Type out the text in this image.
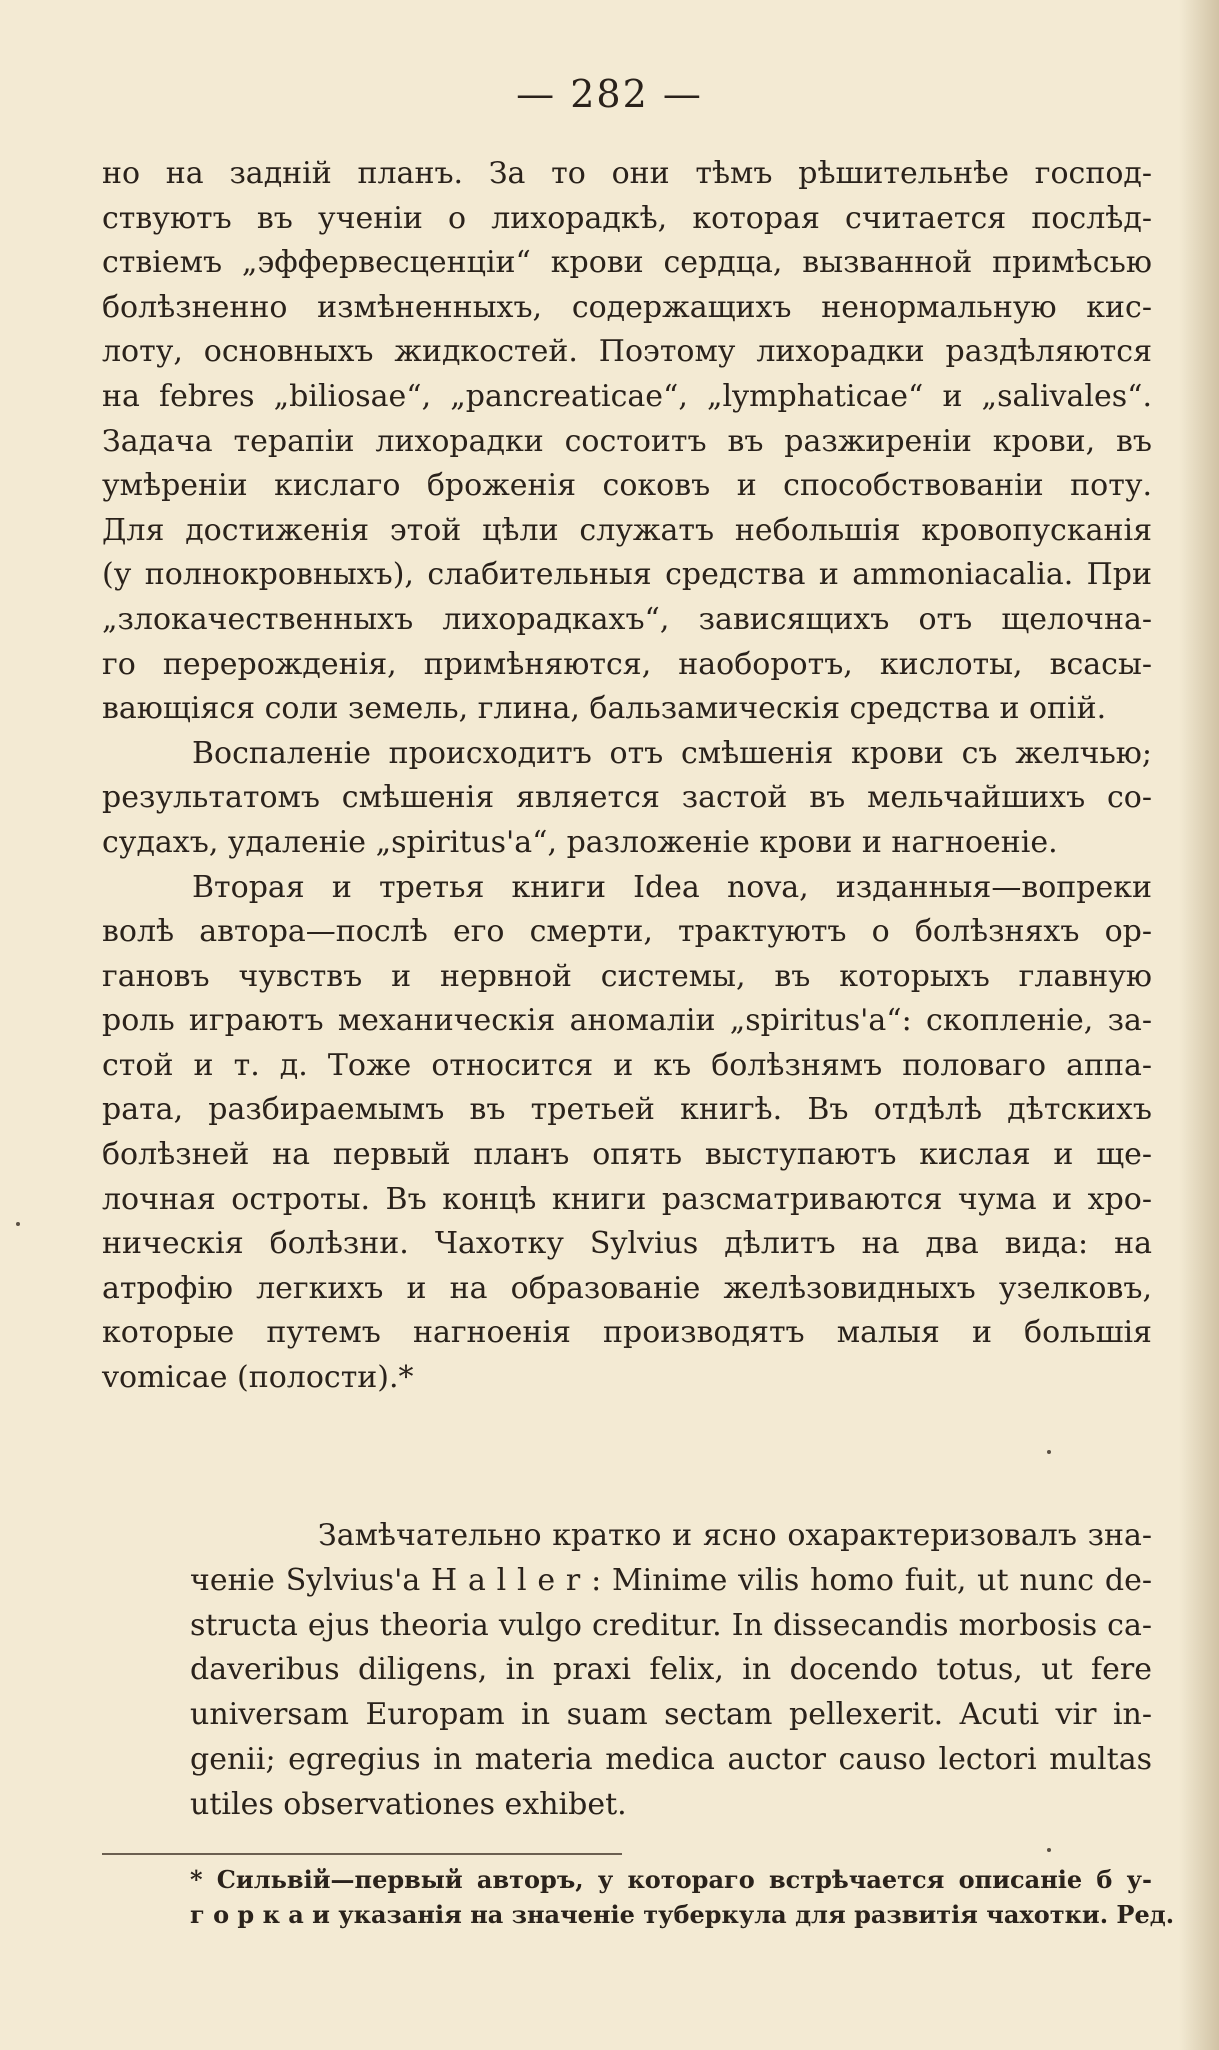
— 282 —
но на заднiй планъ. За то они тѣмъ рѣшительнѣе господ-
ствуютъ въ ученiи о лихорадкѣ, которая считается послѣд-
ствiемъ „эффервесценцiи“ крови сердца, вызванной примѣсью
болѣзненно измѣненныхъ, содержащихъ ненормальную кис-
лоту, основныхъ жидкостей. Поэтому лихорадки раздѣляются
на febres „biliosae“, „pancreaticae“, „lymphaticae“ и „salivales“.
Задача терапiи лихорадки состоитъ въ разжиренiи крови, въ
умѣренiи кислаго броженiя соковъ и способствованiи поту.
Для достиженiя этой цѣли служатъ небольшiя кровопусканiя
(у полнокровныхъ), слабительныя средства и ammoniacalia. При
„злокачественныхъ лихорадкахъ“, зависящихъ отъ щелочна-
го перерожденiя, примѣняются, наоборотъ, кислоты, всасы-
вающiяся соли земель, глина, бальзамическiя средства и опiй.
Воспаленiе происходитъ отъ смѣшенiя крови съ желчью;
результатомъ смѣшенiя является застой въ мельчайшихъ со-
судахъ, удаленiе „spiritus'a“, разложенiе крови и нагноенiе.
Вторая и третья книги Idea nova, изданныя—вопреки
волѣ автора—послѣ его смерти, трактуютъ о болѣзняхъ ор-
гановъ чувствъ и нервной системы, въ которыхъ главную
роль играютъ механическiя аномалiи „spiritus'a“: скопленiе, за-
стой и т. д. Тоже относится и къ болѣзнямъ половаго аппа-
рата, разбираемымъ въ третьей книгѣ. Въ отдѣлѣ дѣтскихъ
болѣзней на первый планъ опять выступаютъ кислая и ще-
лочная остроты. Въ концѣ книги разсматриваются чума и хро-
ническiя болѣзни. Чахотку Sylvius дѣлитъ на два вида: на
атрофiю легкихъ и на образованiе желѣзовидныхъ узелковъ,
которые путемъ нагноенiя производятъ малыя и большiя
vomicae (полости).*
Замѣчательно кратко и ясно охарактеризовалъ зна-
ченiе Sylvius'a H a l l e r : Minime vilis homo fuit, ut nunc de-
structa ejus theoria vulgo creditur. In dissecandis morbosis ca-
daveribus diligens, in praxi felix, in docendo totus, ut fere
universam Europam in suam sectam pellexerit. Acuti vir in-
genii; egregius in materia medica auctor causo lectori multas
utiles observationes exhibet.
* Сильвiй—первый авторъ, у котораго встрѣчается описанiе б у-
г о р к а и указанiя на значенiе туберкула для развитiя чахотки. Ред.
